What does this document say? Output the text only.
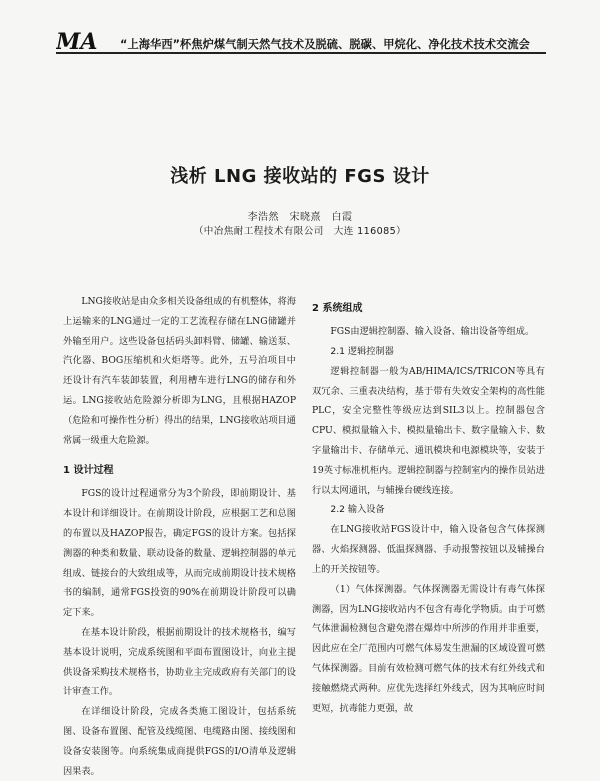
MA “上海华西”杯焦炉煤气制天然气技术及脱硫、脱碳、甲烷化、净化技术技术交流会
浅析 LNG 接收站的 FGS 设计
李浩然　宋晓熹　白霞
（中冶焦耐工程技术有限公司　大连 116085）

LNG接收站是由众多相关设备组成的有机整体，将海上运输来的LNG通过一定的工艺流程存储在LNG储罐并外输至用户。这些设备包括码头卸料臂、储罐、输送泵、汽化器、BOG压缩机和火炬塔等。此外，五号泊项目中还设计有汽车装卸装置，利用槽车进行LNG的储存和外运。LNG接收站危险源分析即为LNG，且根据HAZOP（危险和可操作性分析）得出的结果，LNG接收站项目通常属一级重大危险源。

1 设计过程

FGS的设计过程通常分为3个阶段，即前期设计、基本设计和详细设计。在前期设计阶段，应根据工艺和总图的布置以及HAZOP报告，确定FGS的设计方案。包括探测器的种类和数量、联动设备的数量、逻辑控制器的单元组成、链接台的大致组成等，从而完成前期设计技术规格书的编制，通常FGS投资的90%在前期设计阶段可以确定下来。

在基本设计阶段，根据前期设计的技术规格书，编写基本设计说明，完成系统图和平面布置图设计，向业主提供设备采购技术规格书，协助业主完成政府有关部门的设计审查工作。

在详细设计阶段，完成各类施工图设计，包括系统图、设备布置图、配管及线缆图、电缆路由图、接线图和设备安装图等。向系统集成商提供FGS的I/O清单及逻辑因果表。

2 系统组成

FGS由逻辑控制器、输入设备、输出设备等组成。

2.1 逻辑控制器

逻辑控制器一般为AB/HIMA/ICS/TRICON等具有双冗余、三重表决结构，基于带有失效安全架构的高性能PLC，安全完整性等级应达到SIL3以上。控制器包含CPU、模拟量输入卡、模拟量输出卡、数字量输入卡、数字量输出卡、存储单元、通讯模块和电源模块等，安装于19英寸标准机柜内。逻辑控制器与控制室内的操作员站进行以太网通讯，与辅操台硬线连接。

2.2 输入设备

在LNG接收站FGS设计中，输入设备包含气体探测器、火焰探测器、低温探测器、手动报警按钮以及辅操台上的开关按钮等。

（1）气体探测器。气体探测器无需设计有毒气体探测器，因为LNG接收站内不包含有毒化学物质。由于可燃气体泄漏检测包含避免潜在爆炸中所涉的作用并非重要，因此应在全厂范围内可燃气体易发生泄漏的区域设置可燃气体探测器。目前有效检测可燃气体的技术有红外线式和接触燃烧式两种。应优先选择红外线式，因为其响应时间更短，抗毒能力更强，故
